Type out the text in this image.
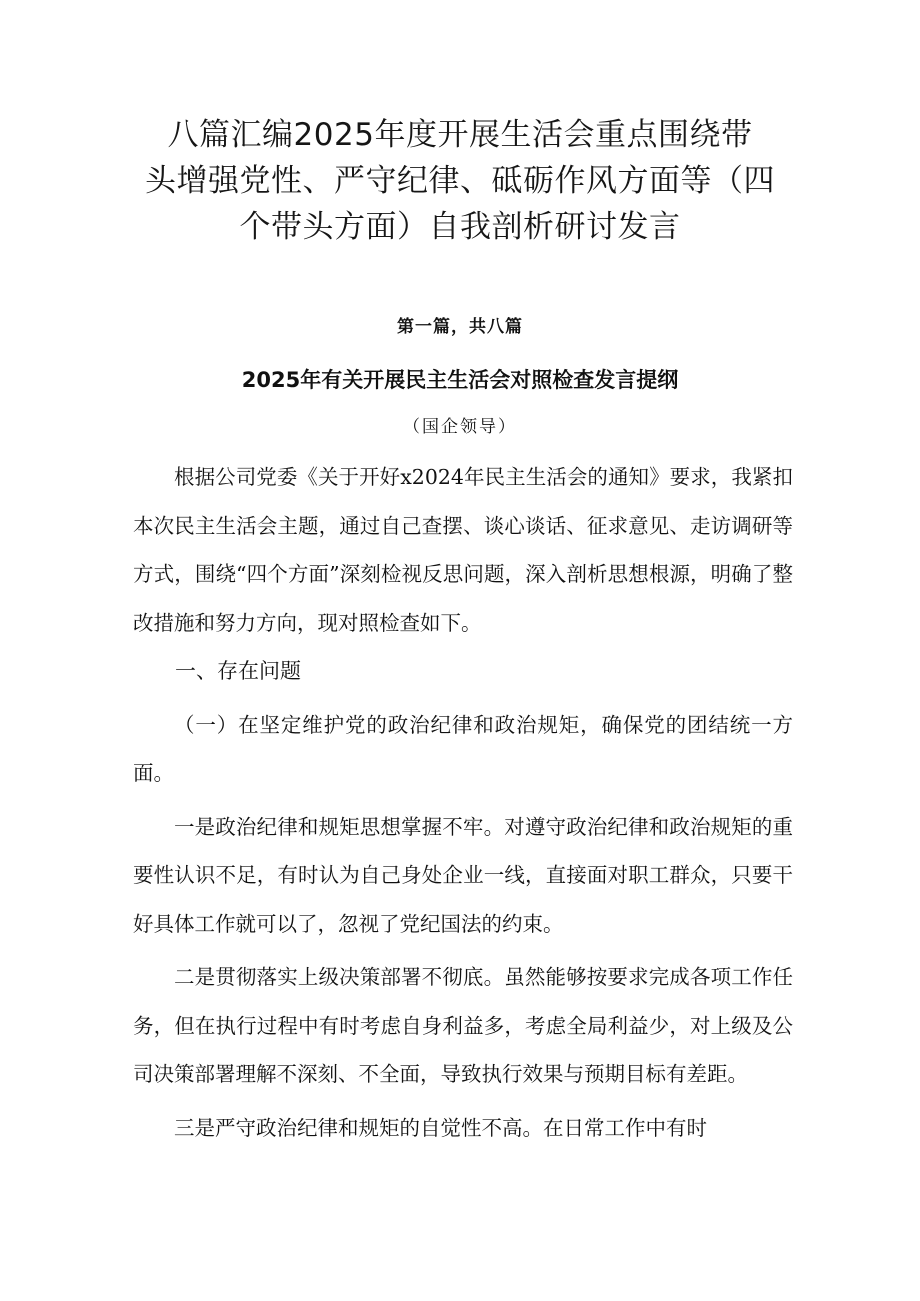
八篇汇编2025年度开展生活会重点围绕带
头增强党性、严守纪律、砥砺作风方面等（四
个带头方面）自我剖析研讨发言
第一篇，共八篇
2025年有关开展民主生活会对照检查发言提纲
（国企领导）

根据公司党委《关于开好x2024年民主生活会的通知》要求，我紧扣本次民主生活会主题，通过自己查摆、谈心谈话、征求意见、走访调研等方式，围绕“四个方面”深刻检视反思问题，深入剖析思想根源，明确了整改措施和努力方向，现对照检查如下。

一、存在问题

（一）在坚定维护党的政治纪律和政治规矩，确保党的团结统一方面。

一是政治纪律和规矩思想掌握不牢。对遵守政治纪律和政治规矩的重要性认识不足，有时认为自己身处企业一线，直接面对职工群众，只要干好具体工作就可以了，忽视了党纪国法的约束。

二是贯彻落实上级决策部署不彻底。虽然能够按要求完成各项工作任务，但在执行过程中有时考虑自身利益多，考虑全局利益少，对上级及公司决策部署理解不深刻、不全面，导致执行效果与预期目标有差距。

三是严守政治纪律和规矩的自觉性不高。在日常工作中有时
